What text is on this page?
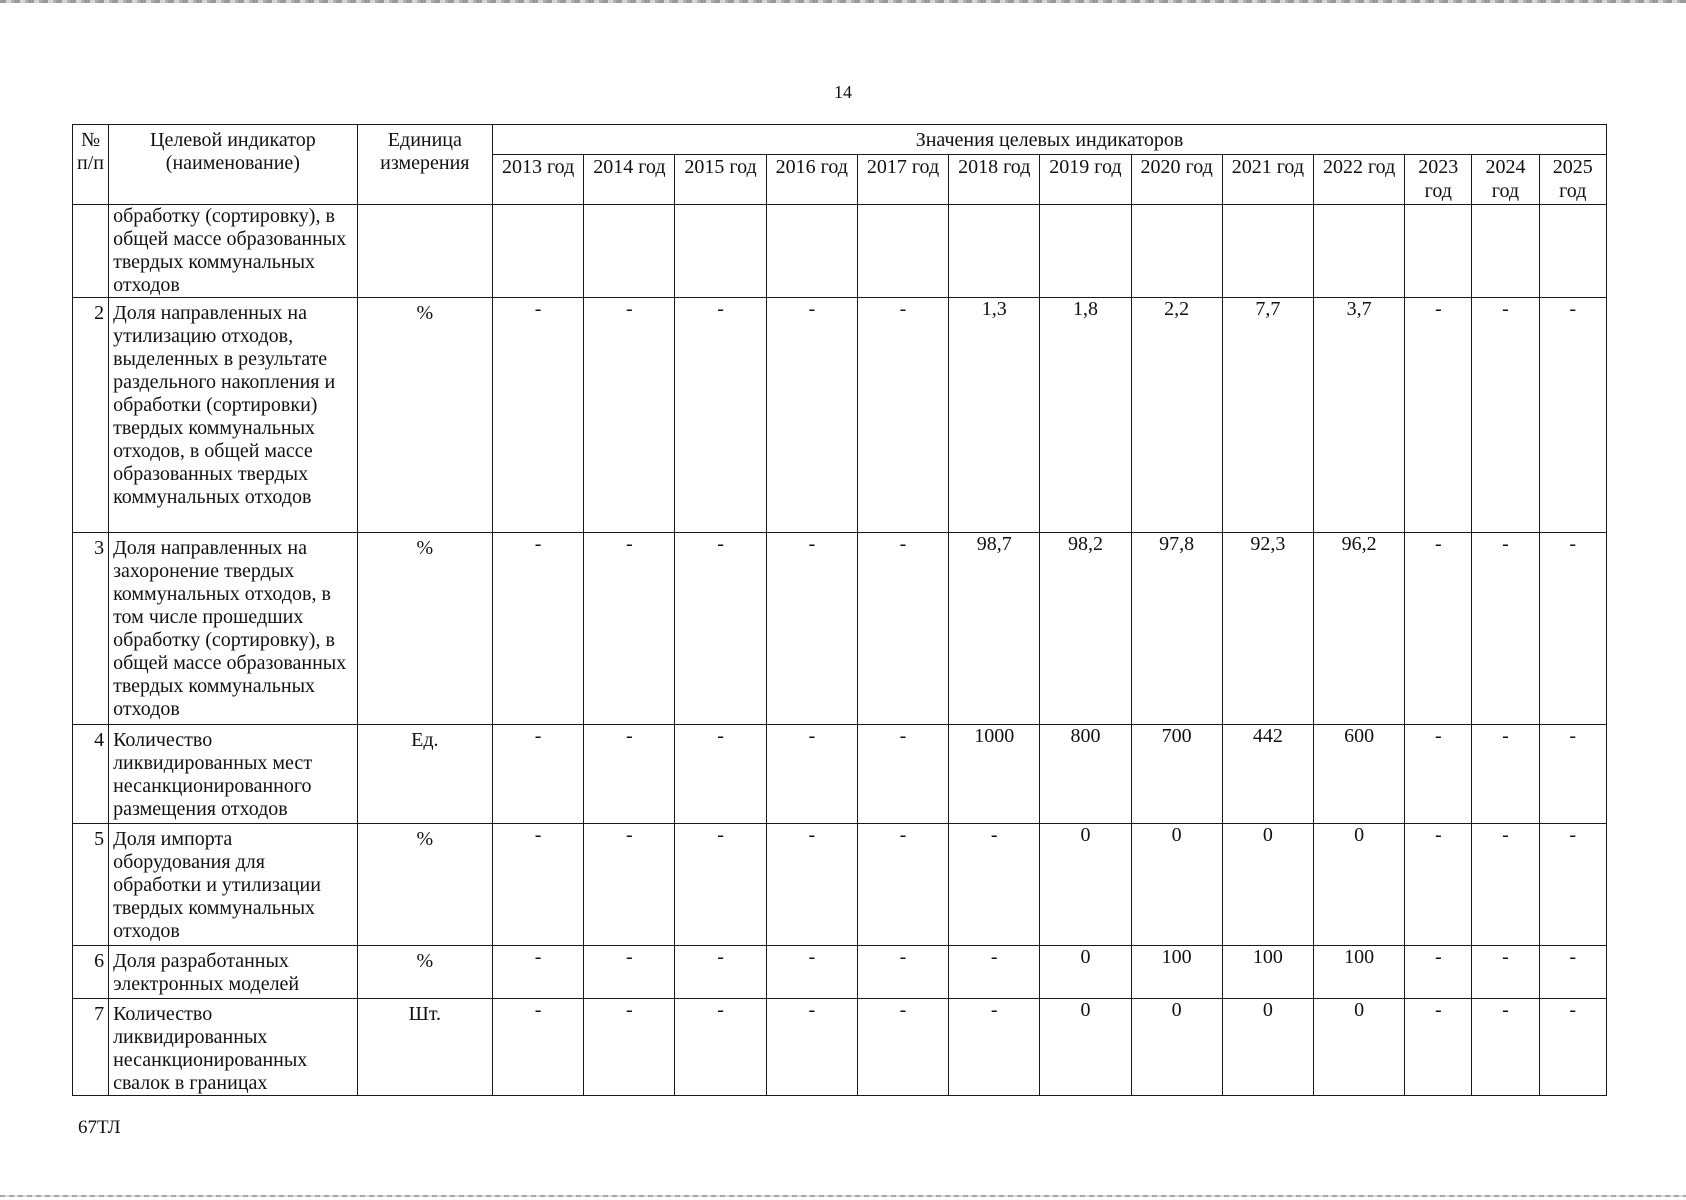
14
№ п/п	Целевой индикатор (наименование)	Единица измерения	Значения целевых индикаторов												
			2013 год	2014 год	2015 год	2016 год	2017 год	2018 год	2019 год	2020 год	2021 год	2022 год	2023 год	2024 год	2025 год
	обработку (сортировку), в общей массе образованных твердых коммунальных отходов														
2	Доля направленных на утилизацию отходов, выделенных в результате раздельного накопления и обработки (сортировки) твердых коммунальных отходов, в общей массе образованных твердых коммунальных отходов	%	-	-	-	-	-	1,3	1,8	2,2	7,7	3,7	-	-	-
3	Доля направленных на захоронение твердых коммунальных отходов, в том числе прошедших обработку (сортировку), в общей массе образованных твердых коммунальных отходов	%	-	-	-	-	-	98,7	98,2	97,8	92,3	96,2	-	-	-
4	Количество ликвидированных мест несанкционированного размещения отходов	Ед.	-	-	-	-	-	1000	800	700	442	600	-	-	-
5	Доля импорта оборудования для обработки и утилизации твердых коммунальных отходов	%	-	-	-	-	-	-	0	0	0	0	-	-	-
6	Доля разработанных электронных моделей	%	-	-	-	-	-	-	0	100	100	100	-	-	-
7	Количество ликвидированных несанкционированных свалок в границах	Шт.	-	-	-	-	-	-	0	0	0	0	-	-	-
67ТЛ
